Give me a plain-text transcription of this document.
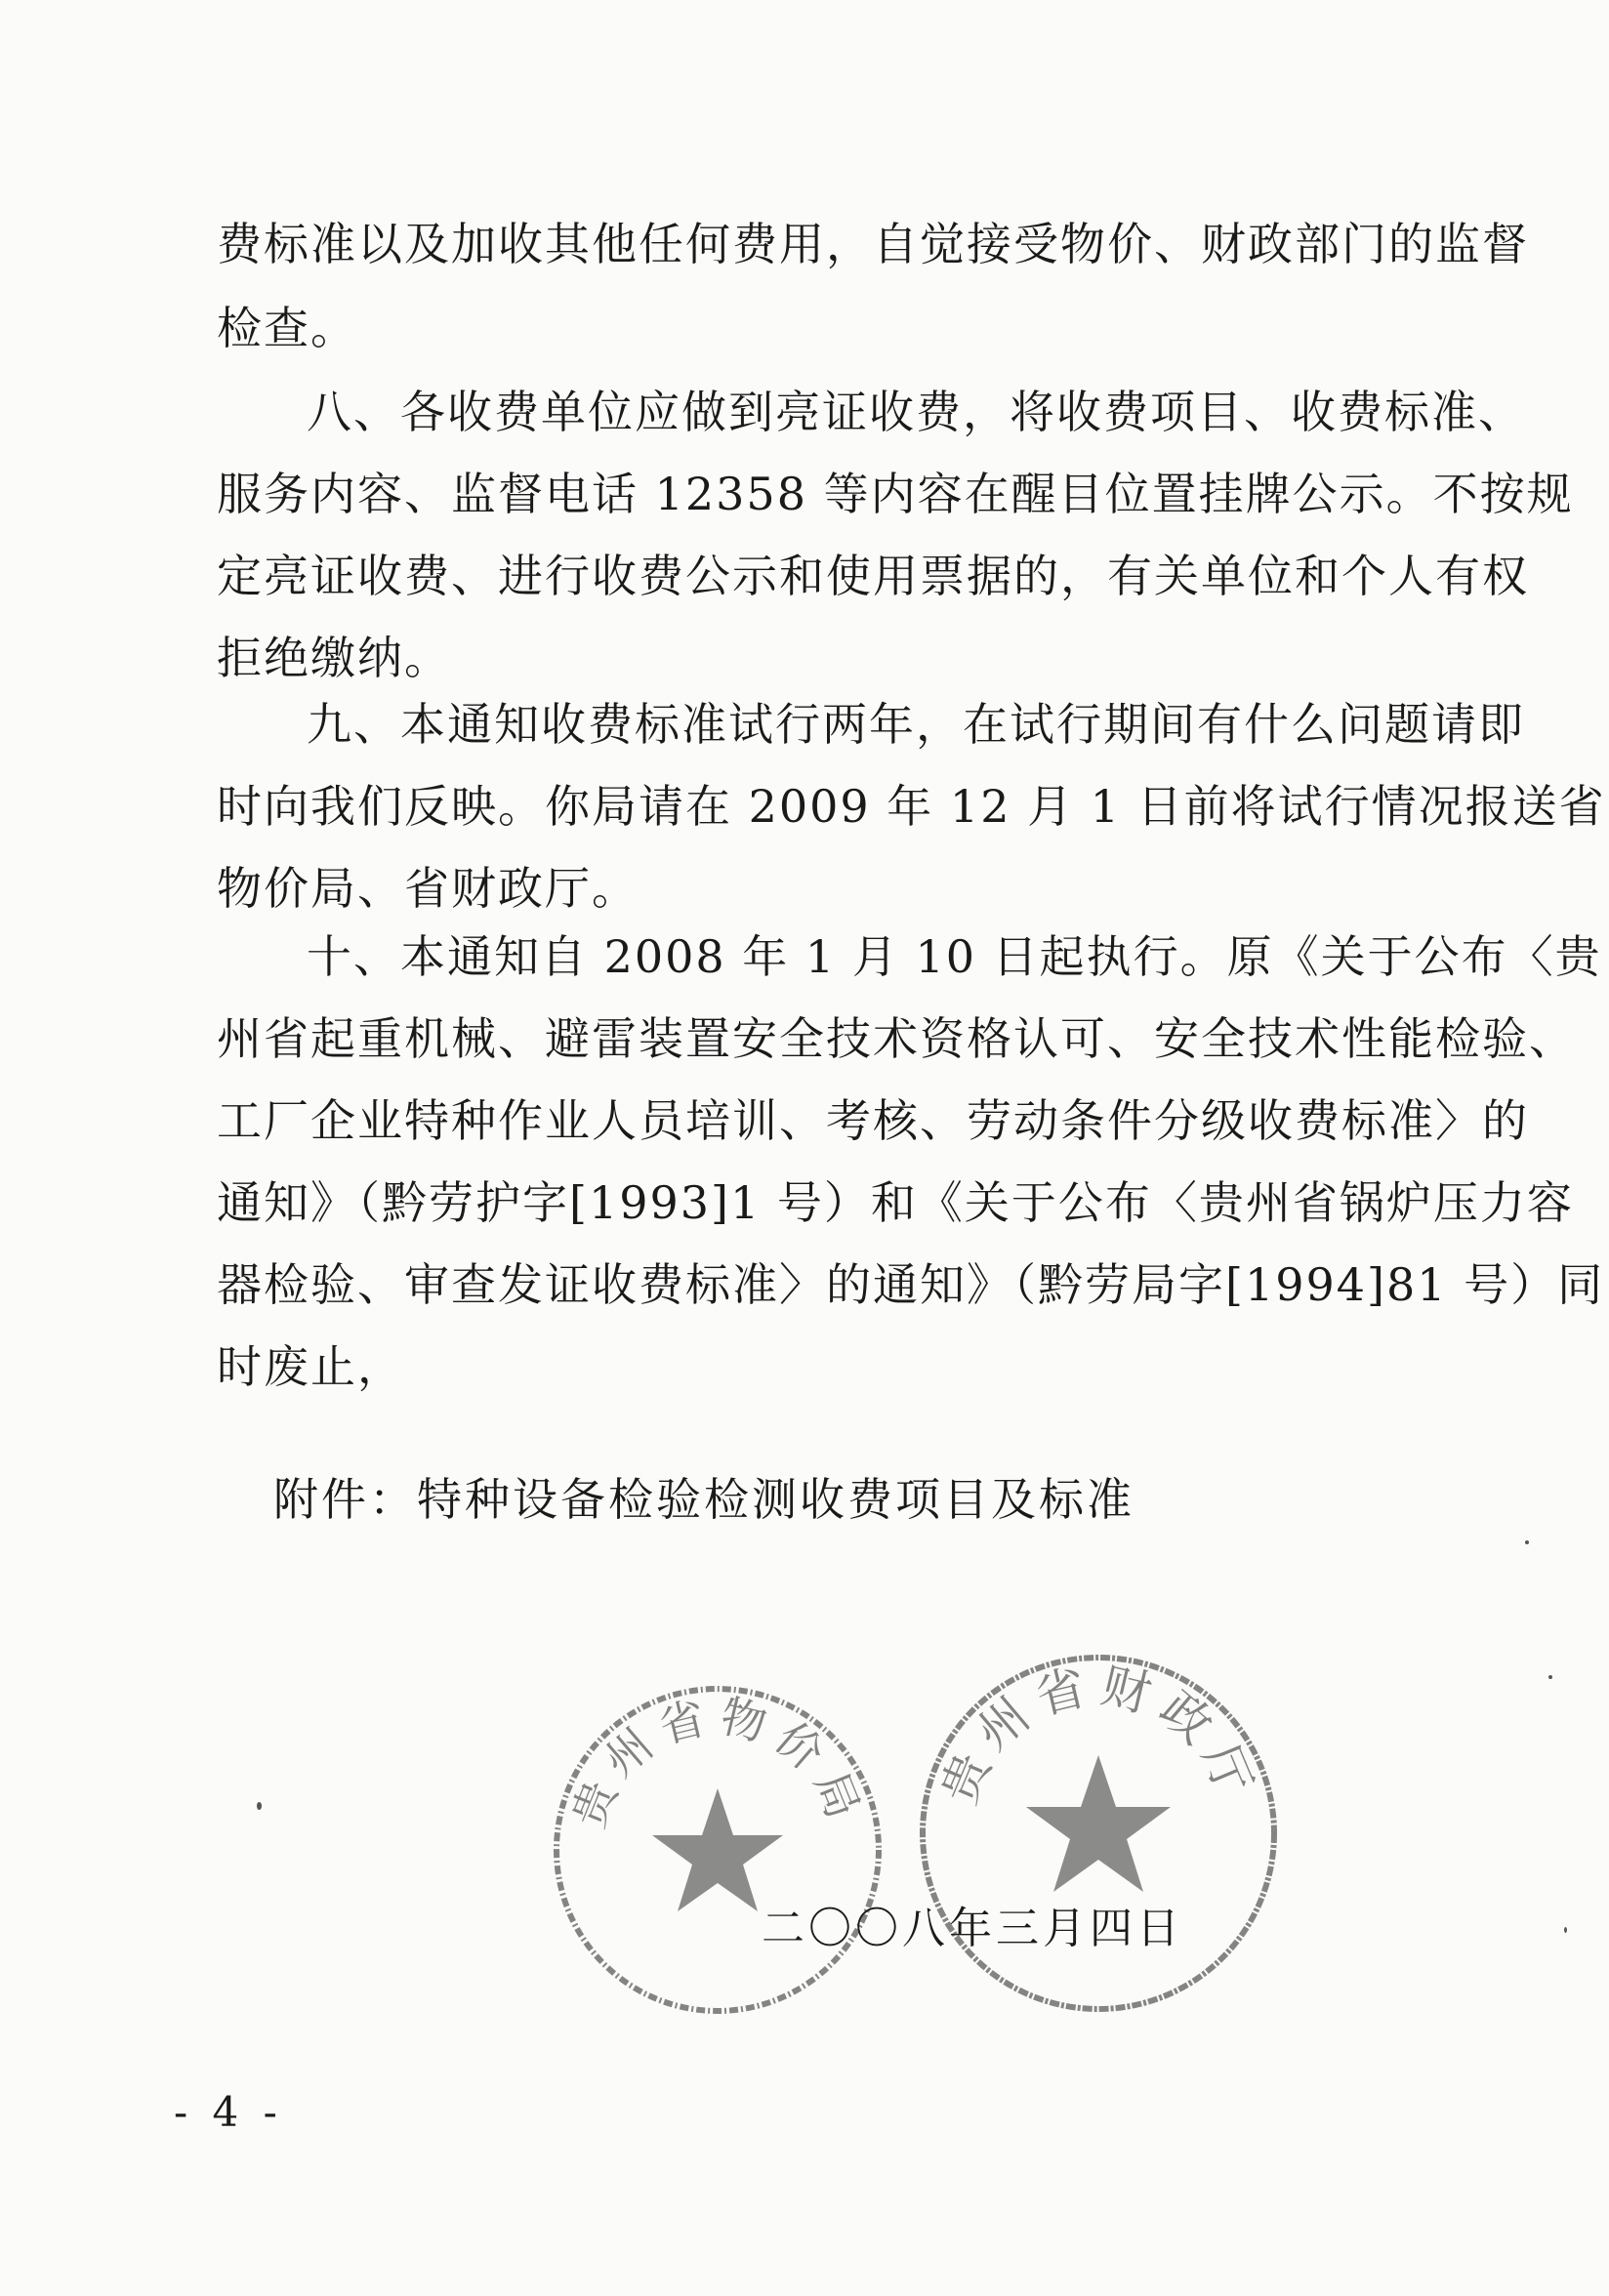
费标准以及加收其他任何费用，自觉接受物价、财政部门的监督
检查。
八、各收费单位应做到亮证收费，将收费项目、收费标准、
服务内容、监督电话 12358 等内容在醒目位置挂牌公示。不按规
定亮证收费、进行收费公示和使用票据的，有关单位和个人有权
拒绝缴纳。
九、本通知收费标准试行两年，在试行期间有什么问题请即
时向我们反映。你局请在 2009 年 12 月 1 日前将试行情况报送省
物价局、省财政厅。
十、本通知自 2008 年 1 月 10 日起执行。原《关于公布〈贵
州省起重机械、避雷装置安全技术资格认可、安全技术性能检验、
工厂企业特种作业人员培训、考核、劳动条件分级收费标准〉的
通知》（黔劳护字[1993]1 号）和《关于公布〈贵州省锅炉压力容
器检验、审查发证收费标准〉的通知》（黔劳局字[1994]81 号）同
时废止，
附件：特种设备检验检测收费项目及标准
贵州省物价局 贵州省财政厅
二〇〇八年三月四日
- 4 -
